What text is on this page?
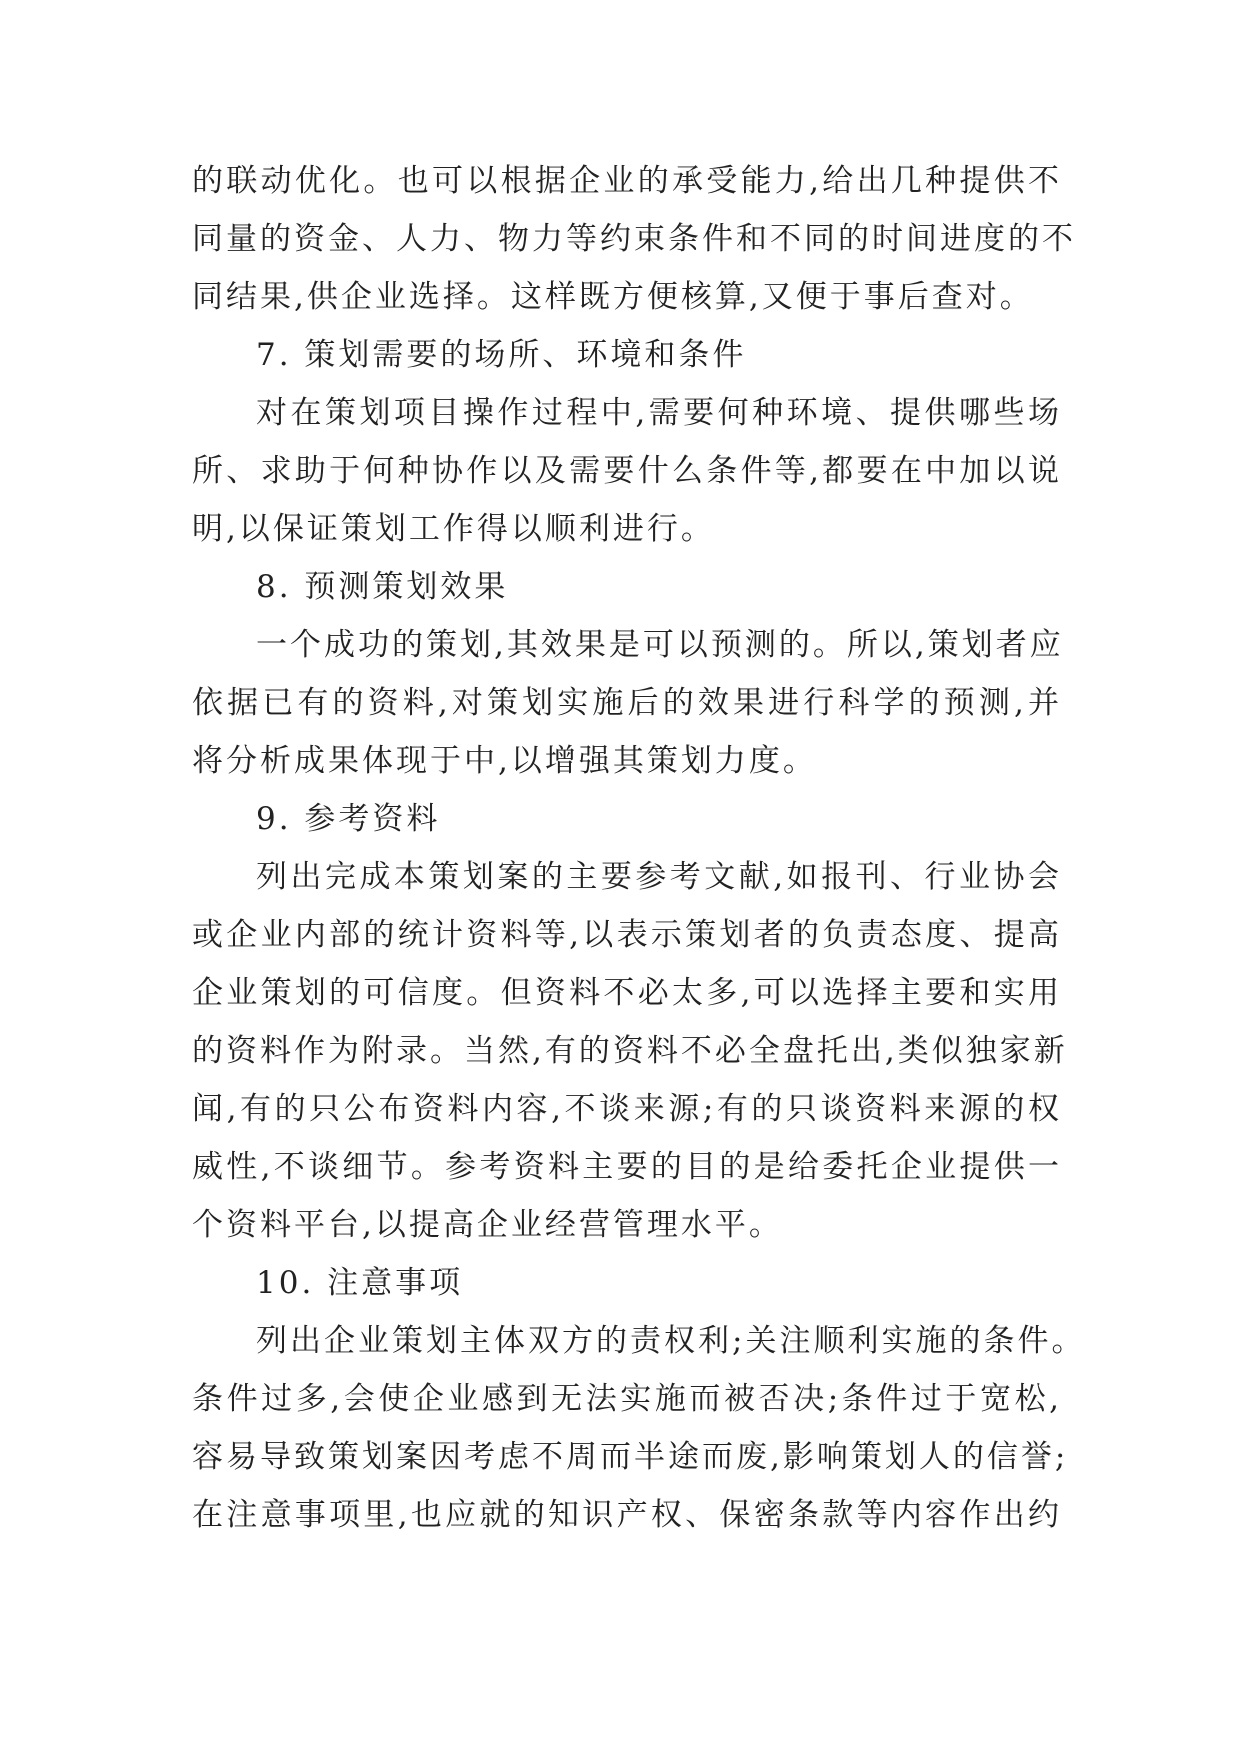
的联动优化。也可以根据企业的承受能力,给出几种提供不
同量的资金、人力、物力等约束条件和不同的时间进度的不
同结果,供企业选择。这样既方便核算,又便于事后查对。
7. 策划需要的场所、环境和条件
对在策划项目操作过程中,需要何种环境、提供哪些场
所、求助于何种协作以及需要什么条件等,都要在中加以说
明,以保证策划工作得以顺利进行。
8. 预测策划效果
一个成功的策划,其效果是可以预测的。所以,策划者应
依据已有的资料,对策划实施后的效果进行科学的预测,并
将分析成果体现于中,以增强其策划力度。
9. 参考资料
列出完成本策划案的主要参考文献,如报刊、行业协会
或企业内部的统计资料等,以表示策划者的负责态度、提高
企业策划的可信度。但资料不必太多,可以选择主要和实用
的资料作为附录。当然,有的资料不必全盘托出,类似独家新
闻,有的只公布资料内容,不谈来源;有的只谈资料来源的权
威性,不谈细节。参考资料主要的目的是给委托企业提供一
个资料平台,以提高企业经营管理水平。
10. 注意事项
列出企业策划主体双方的责权利;关注顺利实施的条件。
条件过多,会使企业感到无法实施而被否决;条件过于宽松,
容易导致策划案因考虑不周而半途而废,影响策划人的信誉;
在注意事项里,也应就的知识产权、保密条款等内容作出约
